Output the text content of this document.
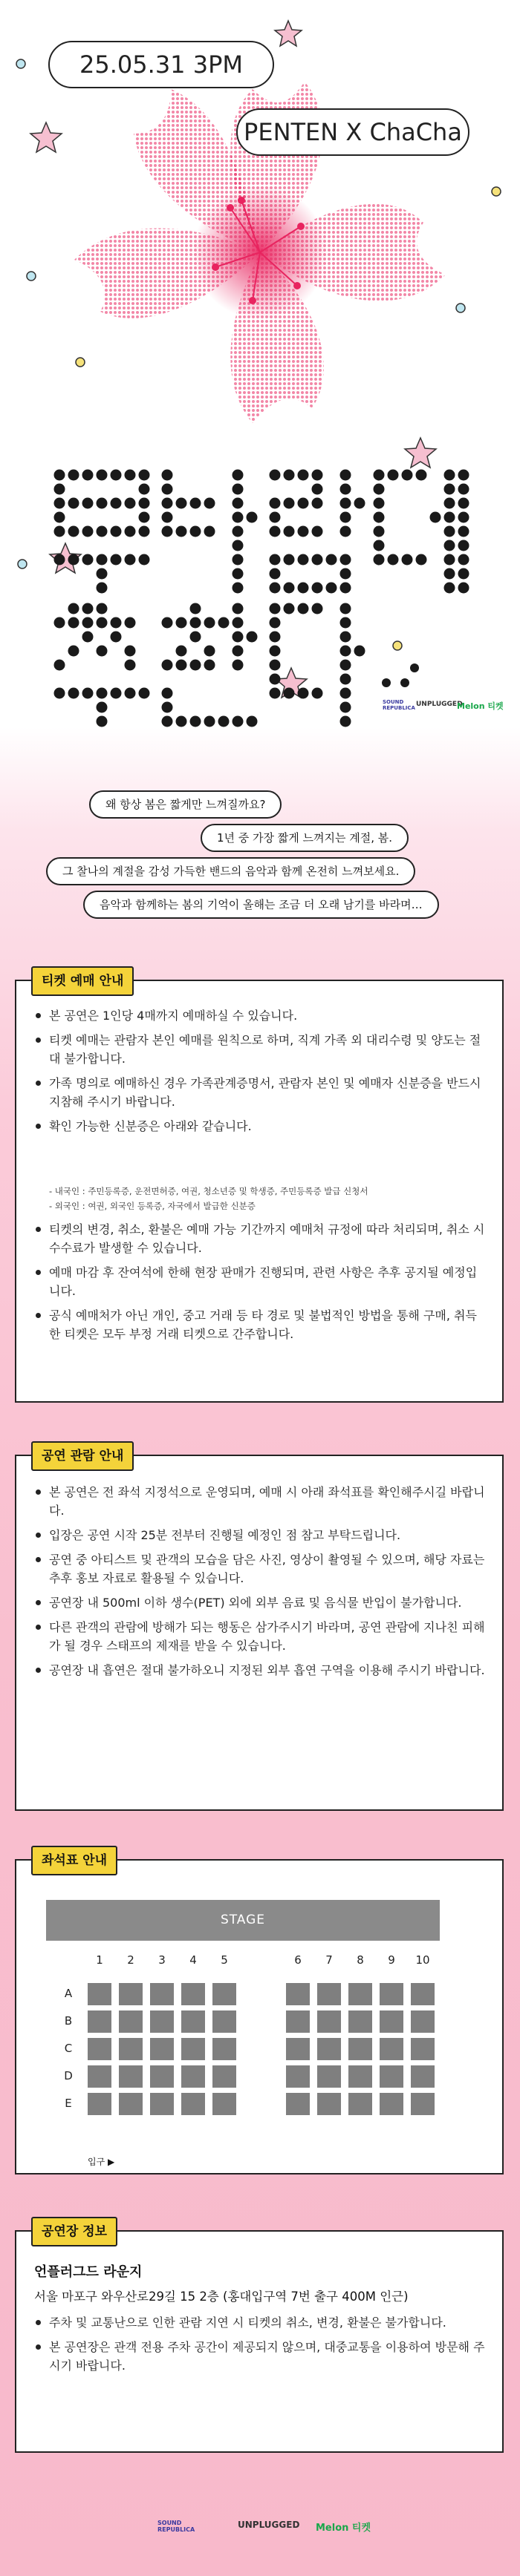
25.05.31 3PM
PENTEN X ChaCha
SOUND REPUBLICA UNPLUGGED
Melon 티켓
왜 항상 봄은 짧게만 느껴질까요?
1년 중 가장 짧게 느껴지는 계절, 봄.
그 찰나의 계절을 감성 가득한 밴드의 음악과 함께 온전히 느껴보세요.
음악과 함께하는 봄의 기억이 올해는 조금 더 오래 남기를 바라며…
본 공연은 1인당 4매까지 예매하실 수 있습니다.
티켓 예매는 관람자 본인 예매를 원칙으로 하며, 직계 가족 외 대리수령 및 양도는 절대 불가합니다.
가족 명의로 예매하신 경우 가족관계증명서, 관람자 본인 및 예매자 신분증을 반드시 지참해 주시기 바랍니다.
확인 가능한 신분증은 아래와 같습니다.
- 내국인 : 주민등록증, 운전면허증, 여권, 청소년증 및 학생증, 주민등록증 발급 신청서
- 외국인 : 여권, 외국인 등록증, 자국에서 발급한 신분증
티켓의 변경, 취소, 환불은 예매 가능 기간까지 예매처 규정에 따라 처리되며, 취소 시 수수료가 발생할 수 있습니다.
예매 마감 후 잔여석에 한해 현장 판매가 진행되며, 관련 사항은 추후 공지될 예정입니다.
공식 예매처가 아닌 개인, 중고 거래 등 타 경로 및 불법적인 방법을 통해 구매, 취득한 티켓은 모두 부정 거래 티켓으로 간주합니다.
티켓 예매 안내
본 공연은 전 좌석 지정석으로 운영되며, 예매 시 아래 좌석표를 확인해주시길 바랍니다.
입장은 공연 시작 25분 전부터 진행될 예정인 점 참고 부탁드립니다.
공연 중 아티스트 및 관객의 모습을 담은 사진, 영상이 촬영될 수 있으며, 해당 자료는 추후 홍보 자료로 활용될 수 있습니다.
공연장 내 500ml 이하 생수(PET) 외에 외부 음료 및 음식물 반입이 불가합니다.
다른 관객의 관람에 방해가 되는 행동은 삼가주시기 바라며, 공연 관람에 지나친 피해가 될 경우 스태프의 제재를 받을 수 있습니다.
공연장 내 흡연은 절대 불가하오니 지정된 외부 흡연 구역을 이용해 주시기 바랍니다.
공연 관람 안내
좌석표 안내
STAGE
1	2	3	4	5	6	7	8	9	10
A
B
C
D
E
입구 ▶
언플러그드 라운지
서울 마포구 와우산로29길 15 2층 (홍대입구역 7번 출구 400M 인근)
주차 및 교통난으로 인한 관람 지연 시 티켓의 취소, 변경, 환불은 불가합니다.
본 공연장은 관객 전용 주차 공간이 제공되지 않으며, 대중교통을 이용하여 방문해 주시기 바랍니다.
공연장 정보
SOUND REPUBLICA	UNPLUGGED Melon 티켓
